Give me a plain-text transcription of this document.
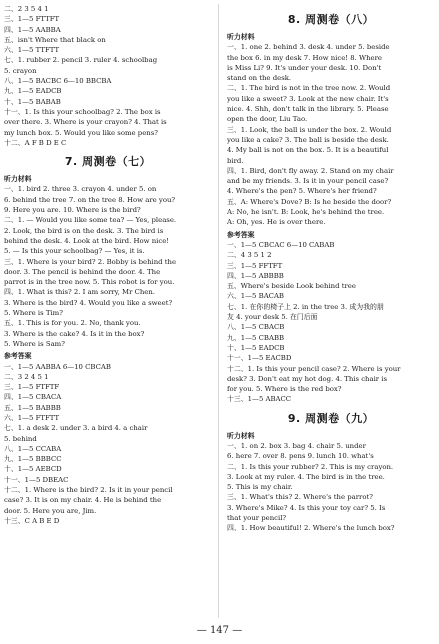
二、2 3 5 4 1
三、1—5 FTTFT
四、1—5 AABBA
五、isn't Where that black on
六、1—5 TTFTT
七、1. rubber 2. pencil 3. ruler 4. schoolbag
5. crayon
八、1—5 BACBC 6—10 BBCBA
九、1—5 EADCB
十、1—5 BABAB
十一、1. Is this your schoolbag? 2. The box is
over there. 3. Where is your crayon? 4. That is
my lunch box. 5. Would you like some pens?
十二、A F B D E C
7. 周测卷（七）
听力材料
一、1. bird 2. three 3. crayon 4. under 5. on
6. behind the tree 7. on the tree 8. How are you?
9. Here you are. 10. Where is the bird?
二、1. — Would you like some tea? — Yes, please.
2. Look, the bird is on the desk. 3. The bird is
behind the desk. 4. Look at the bird. How nice!
5. — Is this your schoolbag? — Yes, it is.
三、1. Where is your bird? 2. Bobby is behind the
door. 3. The pencil is behind the door. 4. The
parrot is in the tree now. 5. This robot is for you.
四、1. What is this? 2. I am sorry, Mr Chen.
3. Where is the bird? 4. Would you like a sweet?
5. Where is Tim?
五、1. This is for you. 2. No, thank you.
3. Where is the cake? 4. Is it in the box?
5. Where is Sam?
参考答案
一、1—5 AABBA 6—10 CBCAB
二、3 2 4 5 1
三、1—5 FTFTF
四、1—5 CBACA
五、1—5 BABBB
六、1—5 FTFTT
七、1. a desk 2. under 3. a bird 4. a chair
5. behind
八、1—5 CCABA
九、1—5 BBBCC
十、1—5 AEBCD
十一、1—5 DBEAC
十二、1. Where is the bird? 2. Is it in your pencil
case? 3. It is on my chair. 4. He is behind the
door. 5. Here you are, Jim.
十三、C A B E D
8. 周测卷（八）
听力材料
一、1. one 2. behind 3. desk 4. under 5. beside
the box 6. in my desk 7. How nice! 8. Where
is Miss Li? 9. It's under your desk. 10. Don't
stand on the desk.
二、1. The bird is not in the tree now. 2. Would
you like a sweet? 3. Look at the new chair. It's
nice. 4. Shh, don't talk in the library. 5. Please
open the door, Liu Tao.
三、1. Look, the ball is under the box. 2. Would
you like a cake? 3. The ball is beside the desk.
4. My ball is not on the box. 5. It is a beautiful
bird.
四、1. Bird, don't fly away. 2. Stand on my chair
and be my friends. 3. Is it in your pencil case?
4. Where's the pen? 5. Where's her friend?
五、A: Where's Dove? B: Is he beside the door?
A: No, he isn't. B: Look, he's behind the tree.
A: Oh, yes. He is over there.
参考答案
一、1—5 CBCAC 6—10 CABAB
二、4 3 5 1 2
三、1—5 FFTFT
四、1—5 ABBBB
五、Where's beside Look behind tree
六、1—5 BACAB
七、1. 在你的椅子上 2. in the tree 3. 成为我的朋
友 4. your desk 5. 在门后面
八、1—5 CBACB
九、1—5 CBABB
十、1—5 EADCB
十一、1—5 EACBD
十二、1. Is this your pencil case? 2. Where is your
desk? 3. Don't eat my hot dog. 4. This chair is
for you. 5. Where is the red box?
十三、1—5 ABACC
9. 周测卷（九）
听力材料
一、1. on 2. box 3. bag 4. chair 5. under
6. here 7. over 8. pens 9. lunch 10. what's
二、1. Is this your rubber? 2. This is my crayon.
3. Look at my ruler. 4. The bird is in the tree.
5. This is my chair.
三、1. What's this? 2. Where's the parrot?
3. Where's Mike? 4. Is this your toy car? 5. Is
that your pencil?
四、1. How beautiful! 2. Where's the lunch box?
— 147 —
